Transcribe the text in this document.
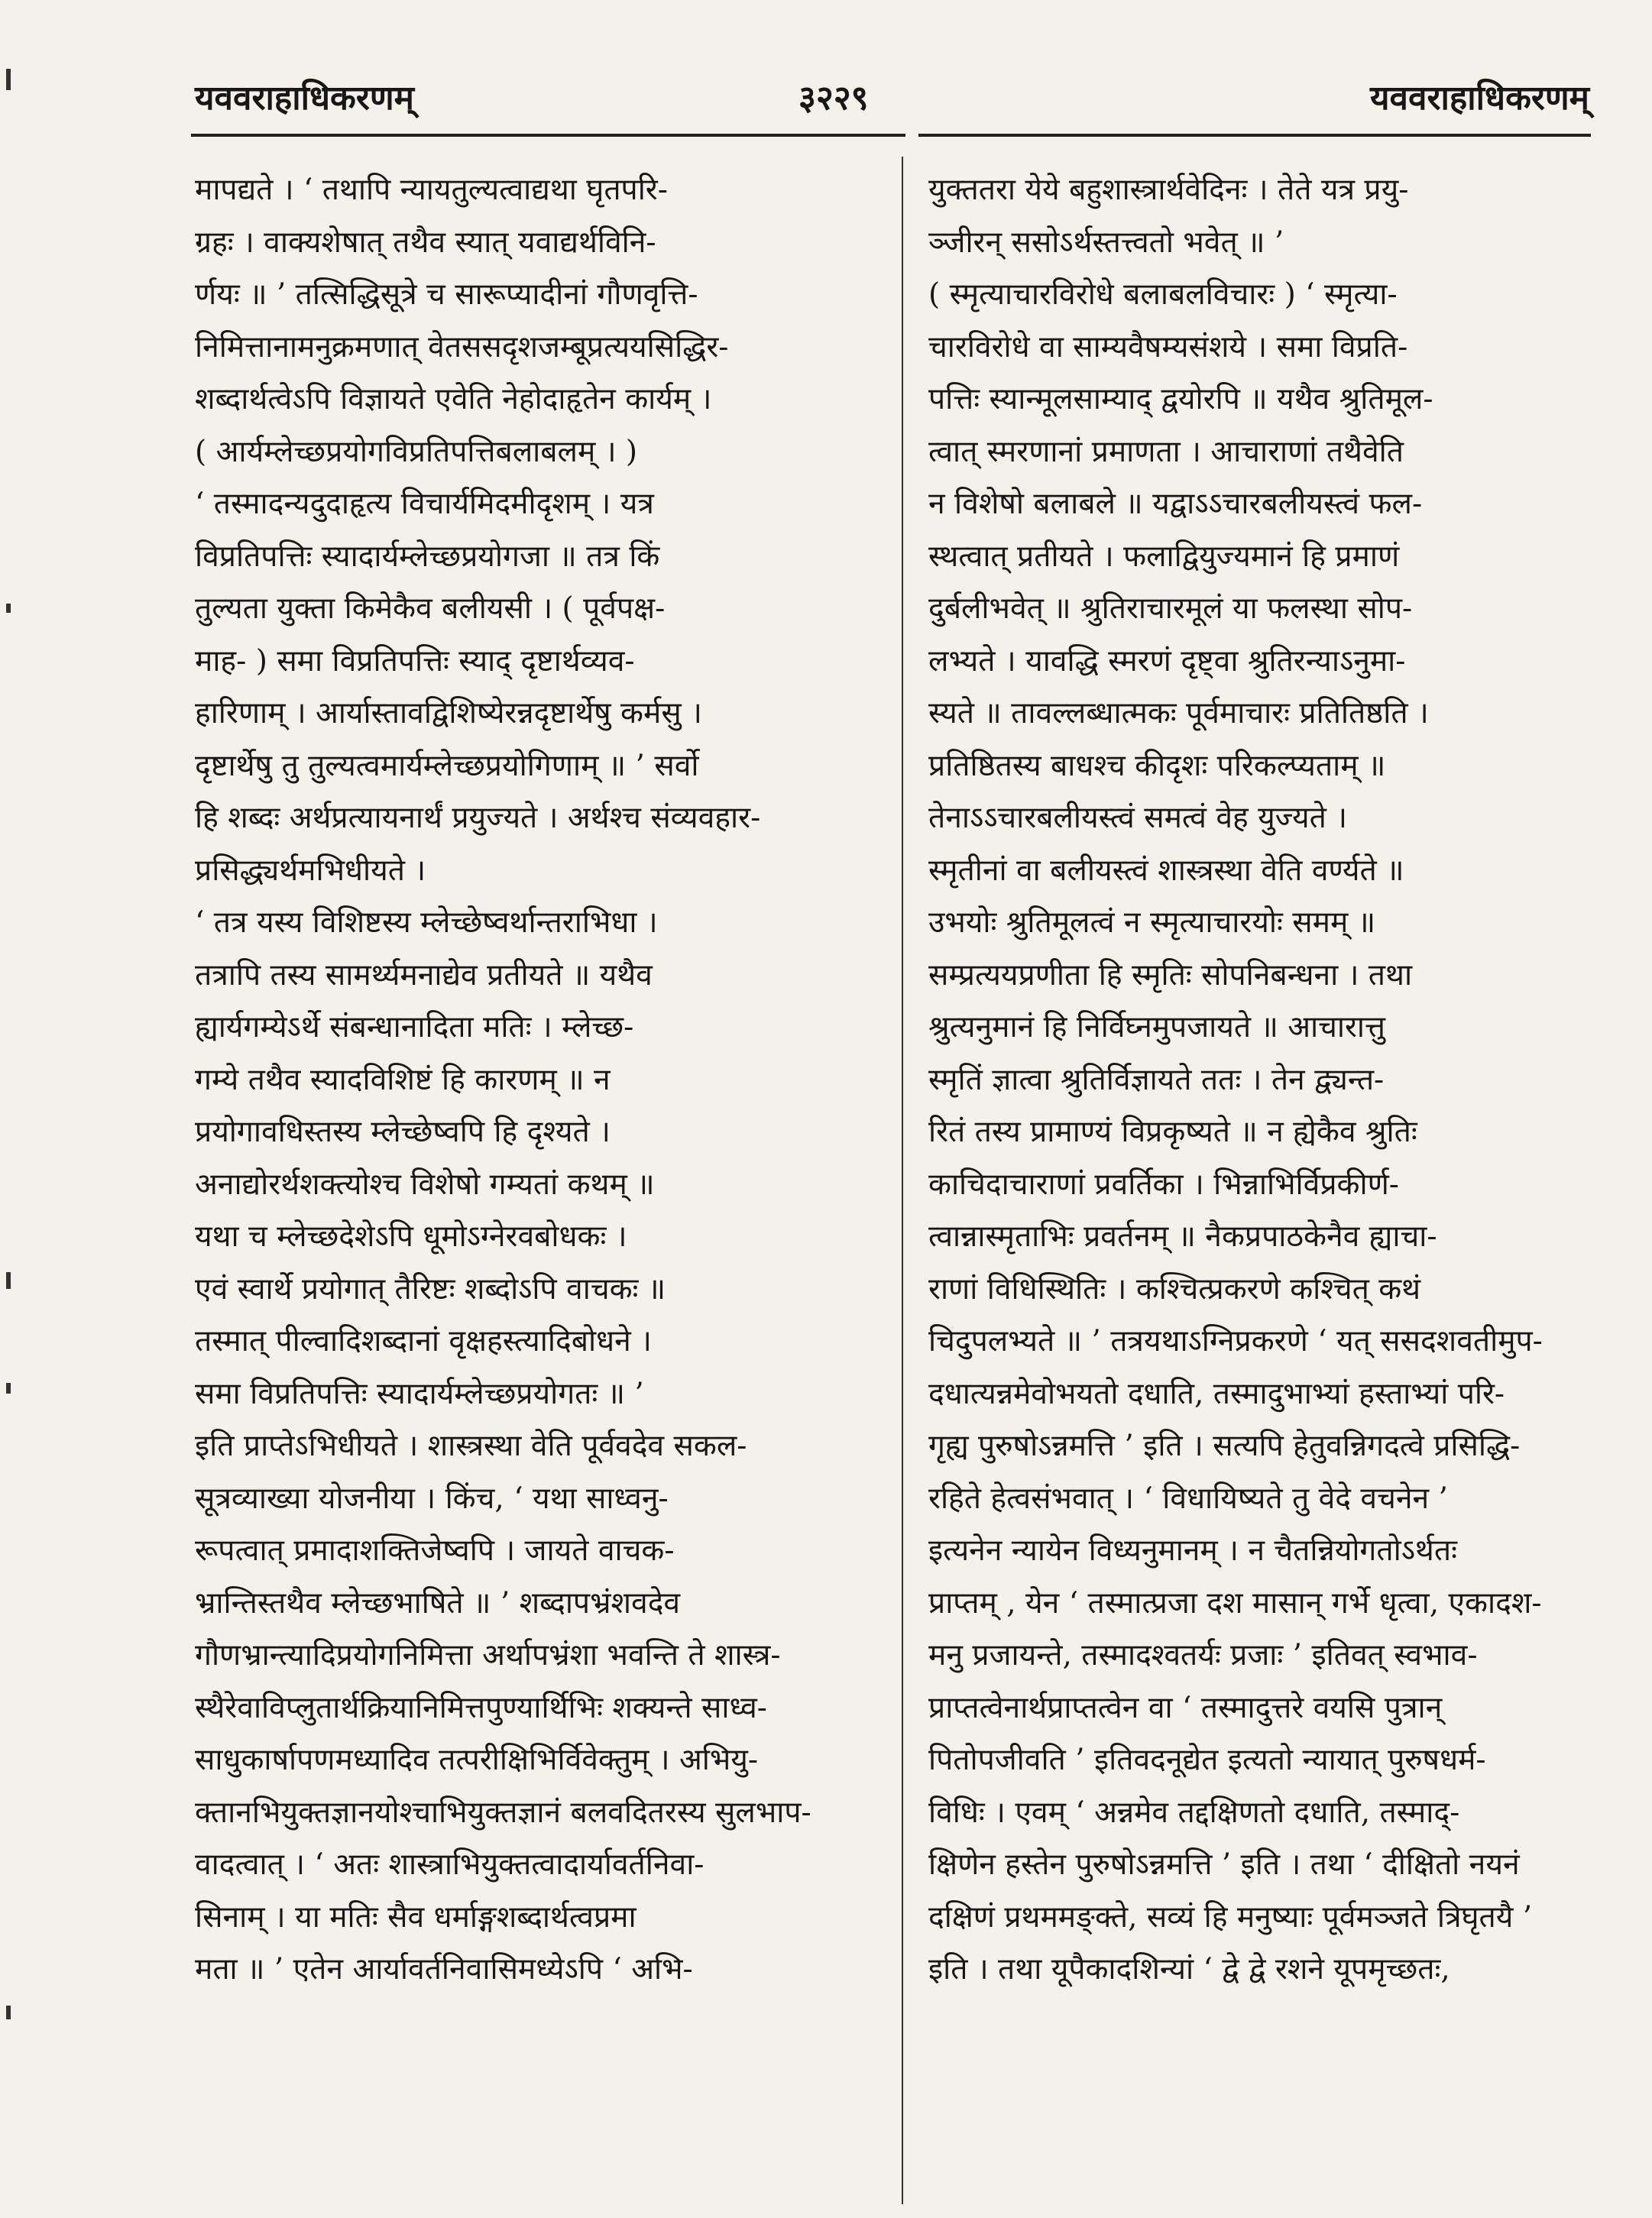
यववराहाधिकरणम्	३२२९	यववराहाधिकरणम्
मापद्यते । ‘ तथापि न्यायतुल्यत्वाद्यथा घृतपरि-
ग्रहः । वाक्यशेषात् तथैव स्यात् यवाद्यर्थविनि-
र्णयः ॥ ’ तत्सिद्धिसूत्रे च सारूप्यादीनां गौणवृत्ति-
निमित्तानामनुक्रमणात् वेतससदृशजम्बूप्रत्ययसिद्धिर-
शब्दार्थत्वेऽपि विज्ञायते एवेति नेहोदाहृतेन कार्यम् ।
( आर्यम्लेच्छप्रयोगविप्रतिपत्तिबलाबलम् । )
‘ तस्मादन्यदुदाहृत्य विचार्यमिदमीदृशम् । यत्र
विप्रतिपत्तिः स्यादार्यम्लेच्छप्रयोगजा ॥ तत्र किं
तुल्यता युक्ता किमेकैव बलीयसी । ( पूर्वपक्ष-
माह- ) समा विप्रतिपत्तिः स्याद् दृष्टार्थव्यव-
हारिणाम् । आर्यास्तावद्विशिष्येरन्नदृष्टार्थेषु कर्मसु ।
दृष्टार्थेषु तु तुल्यत्वमार्यम्लेच्छप्रयोगिणाम् ॥ ’ सर्वो
हि शब्दः अर्थप्रत्यायनार्थं प्रयुज्यते । अर्थश्च संव्यवहार-
प्रसिद्ध्यर्थमभिधीयते ।
‘ तत्र यस्य विशिष्टस्य म्लेच्छेष्वर्थान्तराभिधा ।
तत्रापि तस्य सामर्थ्यमनाद्येव प्रतीयते ॥ यथैव
ह्यार्यगम्येऽर्थे संबन्धानादिता मतिः । म्लेच्छ-
गम्ये तथैव स्यादविशिष्टं हि कारणम् ॥ न
प्रयोगावधिस्तस्य म्लेच्छेष्वपि हि दृश्यते ।
अनाद्योरर्थशक्त्योश्च विशेषो गम्यतां कथम् ॥
यथा च म्लेच्छदेशेऽपि धूमोऽग्नेरवबोधकः ।
एवं स्वार्थे प्रयोगात् तैरिष्टः शब्दोऽपि वाचकः ॥
तस्मात् पील्वादिशब्दानां वृक्षहस्त्यादिबोधने ।
समा विप्रतिपत्तिः स्यादार्यम्लेच्छप्रयोगतः ॥ ’
इति प्राप्तेऽभिधीयते । शास्त्रस्था वेति पूर्ववदेव सकल-
सूत्रव्याख्या योजनीया । किंच, ‘ यथा साध्वनु-
रूपत्वात् प्रमादाशक्तिजेष्वपि । जायते वाचक-
भ्रान्तिस्तथैव म्लेच्छभाषिते ॥ ’ शब्दापभ्रंशवदेव
गौणभ्रान्त्यादिप्रयोगनिमित्ता अर्थापभ्रंशा भवन्ति ते शास्त्र-
स्थैरेवाविप्लुतार्थक्रियानिमित्तपुण्यार्थिभिः शक्यन्ते साध्व-
साधुकार्षापणमध्यादिव तत्परीक्षिभिर्विवेक्तुम् । अभियु-
क्तानभियुक्तज्ञानयोश्चाभियुक्तज्ञानं बलवदितरस्य सुलभाप-
वादत्वात् । ‘ अतः शास्त्राभियुक्तत्वादार्यावर्तनिवा-
सिनाम् । या मतिः सैव धर्माङ्गशब्दार्थत्वप्रमा
मता ॥ ’ एतेन आर्यावर्तनिवासिमध्येऽपि ‘ अभि-
युक्ततरा येये बहुशास्त्रार्थवेदिनः । तेते यत्र प्रयु-
ञ्जीरन् ससोऽर्थस्तत्त्वतो भवेत् ॥ ’
( स्मृत्याचारविरोधे बलाबलविचारः ) ‘ स्मृत्या-
चारविरोधे वा साम्यवैषम्यसंशये । समा विप्रति-
पत्तिः स्यान्मूलसाम्याद् द्वयोरपि ॥ यथैव श्रुतिमूल-
त्वात् स्मरणानां प्रमाणता । आचाराणां तथैवेति
न विशेषो बलाबले ॥ यद्वाऽऽचारबलीयस्त्वं फल-
स्थत्वात् प्रतीयते । फलाद्वियुज्यमानं हि प्रमाणं
दुर्बलीभवेत् ॥ श्रुतिराचारमूलं या फलस्था सोप-
लभ्यते । यावद्धि स्मरणं दृष्ट्वा श्रुतिरन्याऽनुमा-
स्यते ॥ तावल्लब्धात्मकः पूर्वमाचारः प्रतितिष्ठति ।
प्रतिष्ठितस्य बाधश्च कीदृशः परिकल्प्यताम् ॥
तेनाऽऽचारबलीयस्त्वं समत्वं वेह युज्यते ।
स्मृतीनां वा बलीयस्त्वं शास्त्रस्था वेति वर्ण्यते ॥
उभयोः श्रुतिमूलत्वं न स्मृत्याचारयोः समम् ॥
सम्प्रत्ययप्रणीता हि स्मृतिः सोपनिबन्धना । तथा
श्रुत्यनुमानं हि निर्विघ्नमुपजायते ॥ आचारात्तु
स्मृतिं ज्ञात्वा श्रुतिर्विज्ञायते ततः । तेन द्व्यन्त-
रितं तस्य प्रामाण्यं विप्रकृष्यते ॥ न ह्येकैव श्रुतिः
काचिदाचाराणां प्रवर्तिका । भिन्नाभिर्विप्रकीर्ण-
त्वान्नास्मृताभिः प्रवर्तनम् ॥ नैकप्रपाठकेनैव ह्याचा-
राणां विधिस्थितिः । कश्चित्प्रकरणे कश्चित् कथं
चिदुपलभ्यते ॥ ’ तत्रयथाऽग्निप्रकरणे ‘ यत् ससदशवतीमुप-
दधात्यन्नमेवोभयतो दधाति, तस्मादुभाभ्यां हस्ताभ्यां परि-
गृह्य पुरुषोऽन्नमत्ति ’ इति । सत्यपि हेतुवन्निगदत्वे प्रसिद्धि-
रहिते हेत्वसंभवात् । ‘ विधायिष्यते तु वेदे वचनेन ’
इत्यनेन न्यायेन विध्यनुमानम् । न चैतन्नियोगतोऽर्थतः
प्राप्तम् , येन ‘ तस्मात्प्रजा दश मासान् गर्भे धृत्वा, एकादश-
मनु प्रजायन्ते, तस्मादश्वतर्यः प्रजाः ’ इतिवत् स्वभाव-
प्राप्तत्वेनार्थप्राप्तत्वेन वा ‘ तस्मादुत्तरे वयसि पुत्रान्
पितोपजीवति ’ इतिवदनूद्येत इत्यतो न्यायात् पुरुषधर्म-
विधिः । एवम् ‘ अन्नमेव तद्दक्षिणतो दधाति, तस्माद्-
क्षिणेन हस्तेन पुरुषोऽन्नमत्ति ’ इति । तथा ‘ दीक्षितो नयनं
दक्षिणं प्रथममङ्क्ते, सव्यं हि मनुष्याः पूर्वमञ्जते त्रिघृतयै ’
इति । तथा यूपैकादशिन्यां ‘ द्वे द्वे रशने यूपमृच्छतः,
